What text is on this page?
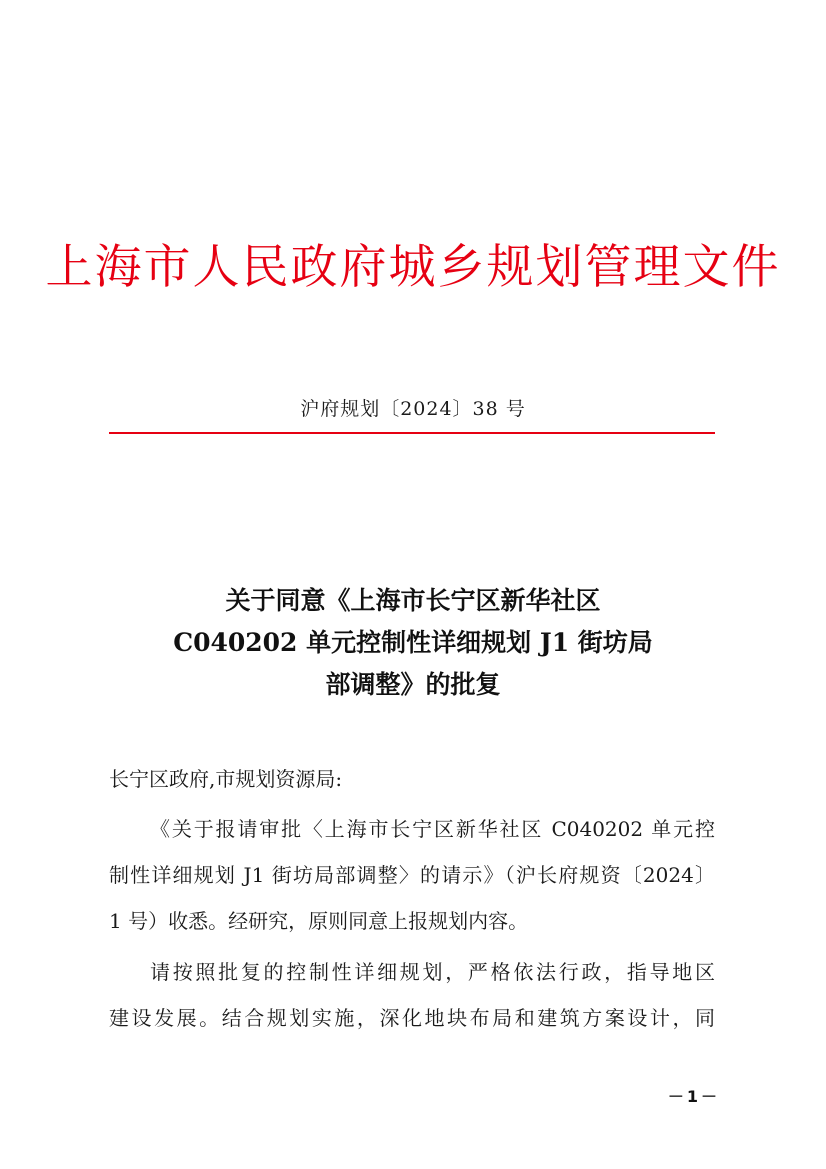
上海市人民政府城乡规划管理文件
沪府规划〔2024〕38 号
关于同意《上海市长宁区新华社区
C040202 单元控制性详细规划 J1 街坊局
部调整》的批复
长宁区政府,市规划资源局:
《关于报请审批〈上海市长宁区新华社区 C040202 单元控
制性详细规划 J1 街坊局部调整〉的请示》（沪长府规资〔2024〕
1 号）收悉。经研究，原则同意上报规划内容。
请按照批复的控制性详细规划，严格依法行政，指导地区
建设发展。结合规划实施，深化地块布局和建筑方案设计，同
－1－
